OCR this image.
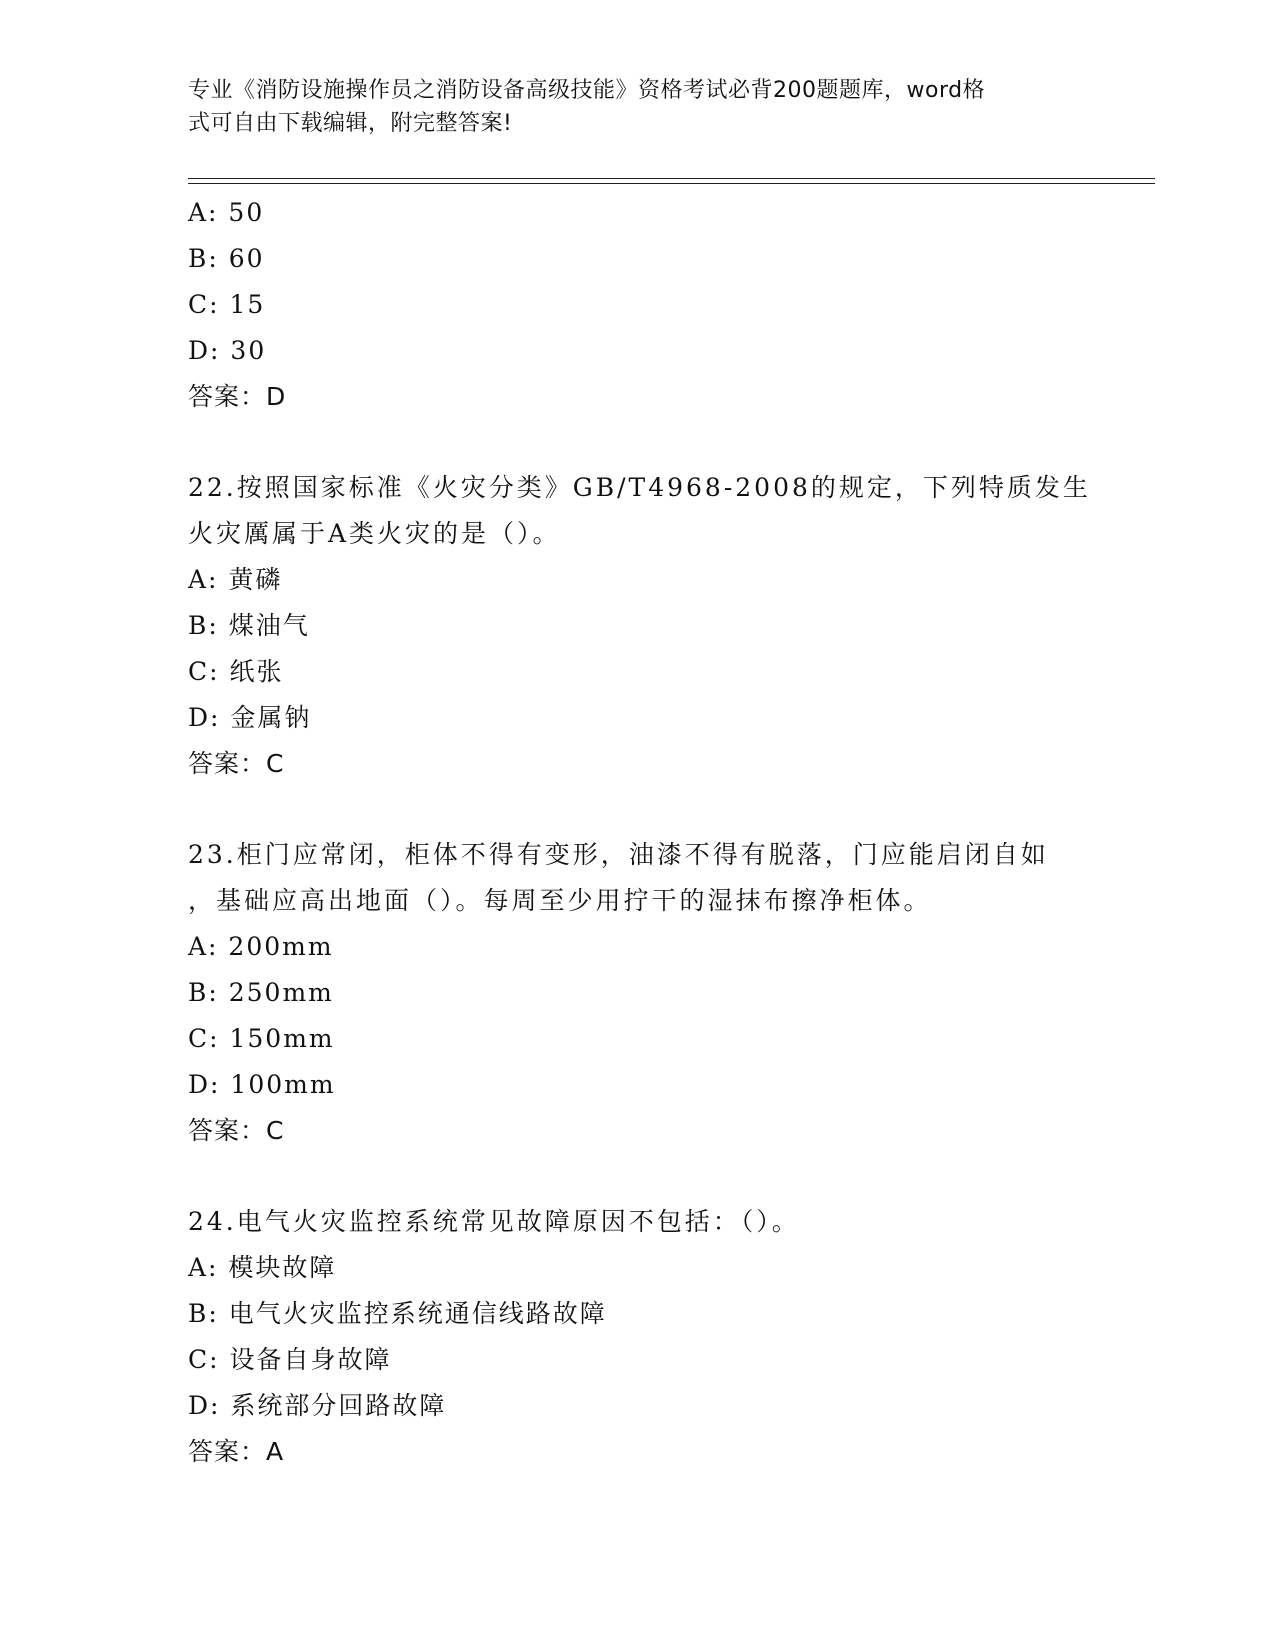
专业《消防设施操作员之消防设备高级技能》资格考试必背200题题库，word格
式可自由下载编辑，附完整答案!
A: 50
B: 60
C: 15
D: 30
答案：D
22.按照国家标准《火灾分类》GB/T4968-2008的规定，下列特质发生
火灾厲属于A类火灾的是（）。
A: 黄磷
B: 煤油气
C: 纸张
D: 金属钠
答案：C
23.柜门应常闭，柜体不得有变形，油漆不得有脱落，门应能启闭自如
，基础应高出地面（）。每周至少用拧干的湿抹布擦净柜体。
A: 200mm
B: 250mm
C: 150mm
D: 100mm
答案：C
24.电气火灾监控系统常见故障原因不包括：（）。
A: 模块故障
B: 电气火灾监控系统通信线路故障
C: 设备自身故障
D: 系统部分回路故障
答案：A
